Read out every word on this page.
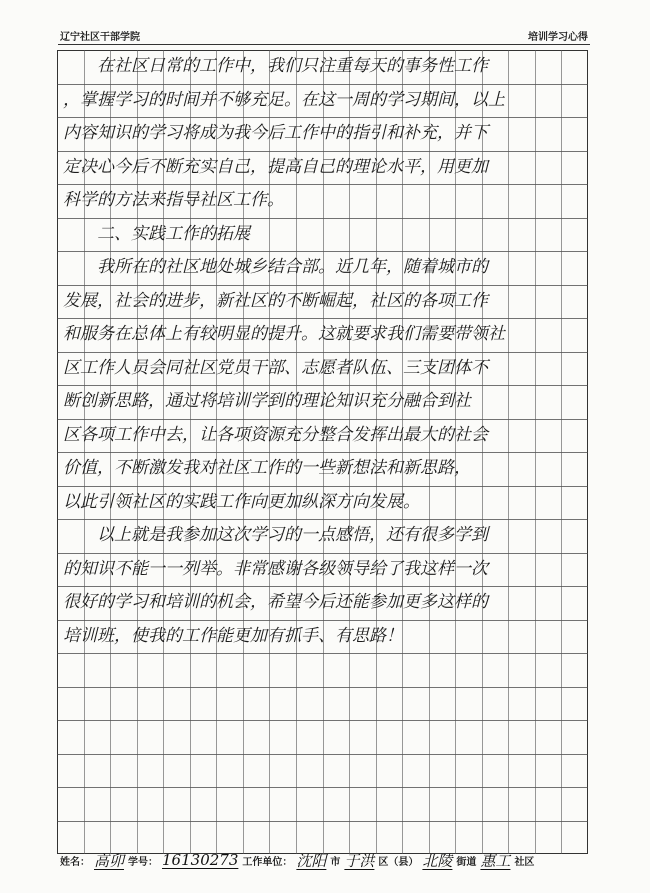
辽宁社区干部学院	培训学习心得
　　在社区日常的工作中，我们只注重每天的事务性工作
，掌握学习的时间并不够充足。在这一周的学习期间，以上
内容知识的学习将成为我今后工作中的指引和补充，并下
定决心今后不断充实自己，提高自己的理论水平，用更加
科学的方法来指导社区工作。
　　二、实践工作的拓展
　　我所在的社区地处城乡结合部。近几年，随着城市的
发展，社会的进步，新社区的不断崛起，社区的各项工作
和服务在总体上有较明显的提升。这就要求我们需要带领社
区工作人员会同社区党员干部、志愿者队伍、三支团体不
断创新思路，通过将培训学到的理论知识充分融合到社
区各项工作中去，让各项资源充分整合发挥出最大的社会
价值，不断激发我对社区工作的一些新想法和新思路，
以此引领社区的实践工作向更加纵深方向发展。
　　以上就是我参加这次学习的一点感悟，还有很多学到
的知识不能一一列举。非常感谢各级领导给了我这样一次
很好的学习和培训的机会，希望今后还能参加更多这样的
培训班，使我的工作能更加有抓手、有思路！
姓名： 高卯 学号： 16130273 工作单位： 沈阳 市 于洪 区（县） 北陵 街道 惠工 社区
